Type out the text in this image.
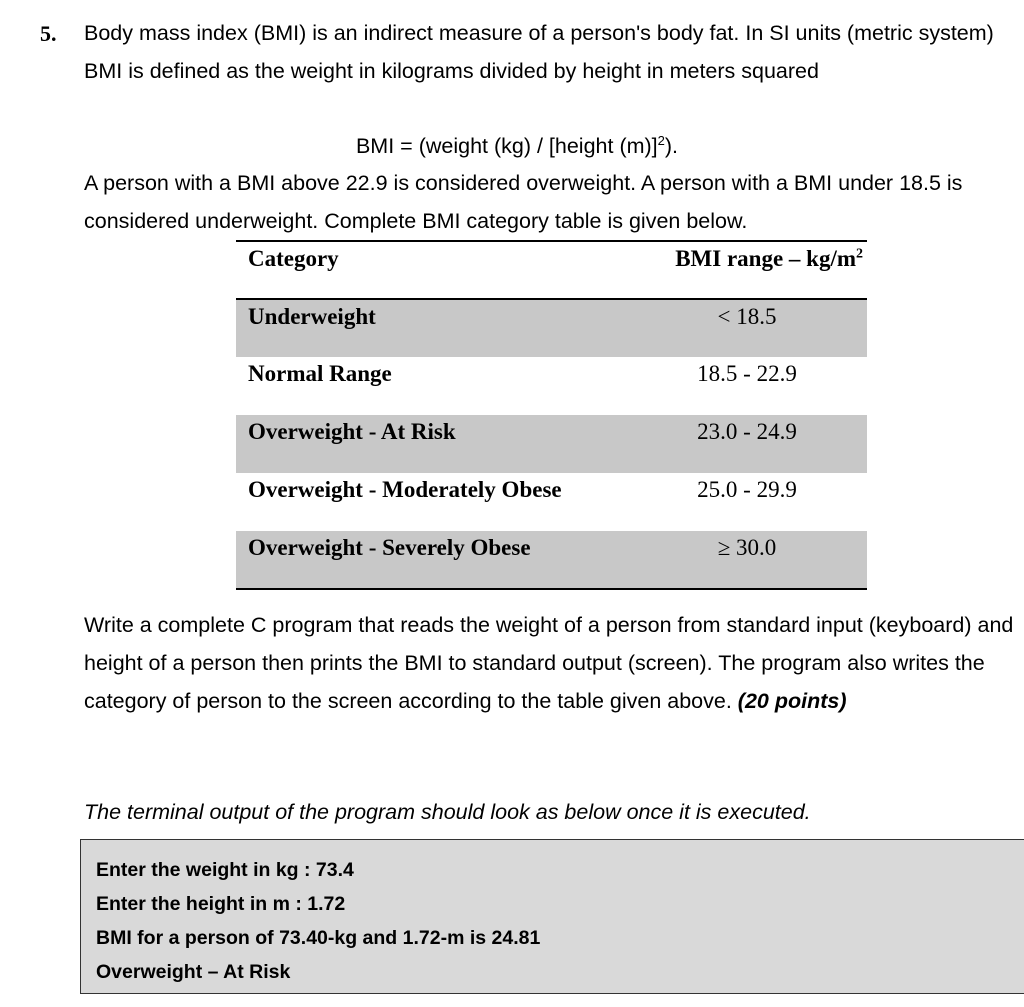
5. Body mass index (BMI) is an indirect measure of a person's body fat. In SI units (metric system) BMI is defined as the weight in kilograms divided by height in meters squared

BMI = (weight (kg) / [height (m)]$^2$).

A person with a BMI above 22.9 is considered overweight. A person with a BMI under 18.5 is considered underweight. Complete BMI category table is given below.

Category	BMI range – $kg/m^2$
Underweight	< 18.5
Normal Range	18.5 - 22.9
Overweight - At Risk	23.0 - 24.9
Overweight - Moderately Obese	25.0 - 29.9
Overweight - Severely Obese	≥ 30.0

Write a complete C program that reads the weight of a person from standard input (keyboard) and height of a person then prints the BMI to standard output (screen). The program also writes the category of person to the screen according to the table given above. (20 points)

The terminal output of the program should look as below once it is executed.

Enter the weight in kg : 73.4
Enter the height in m : 1.72
BMI for a person of 73.40-kg and 1.72-m is 24.81
Overweight – At Risk
